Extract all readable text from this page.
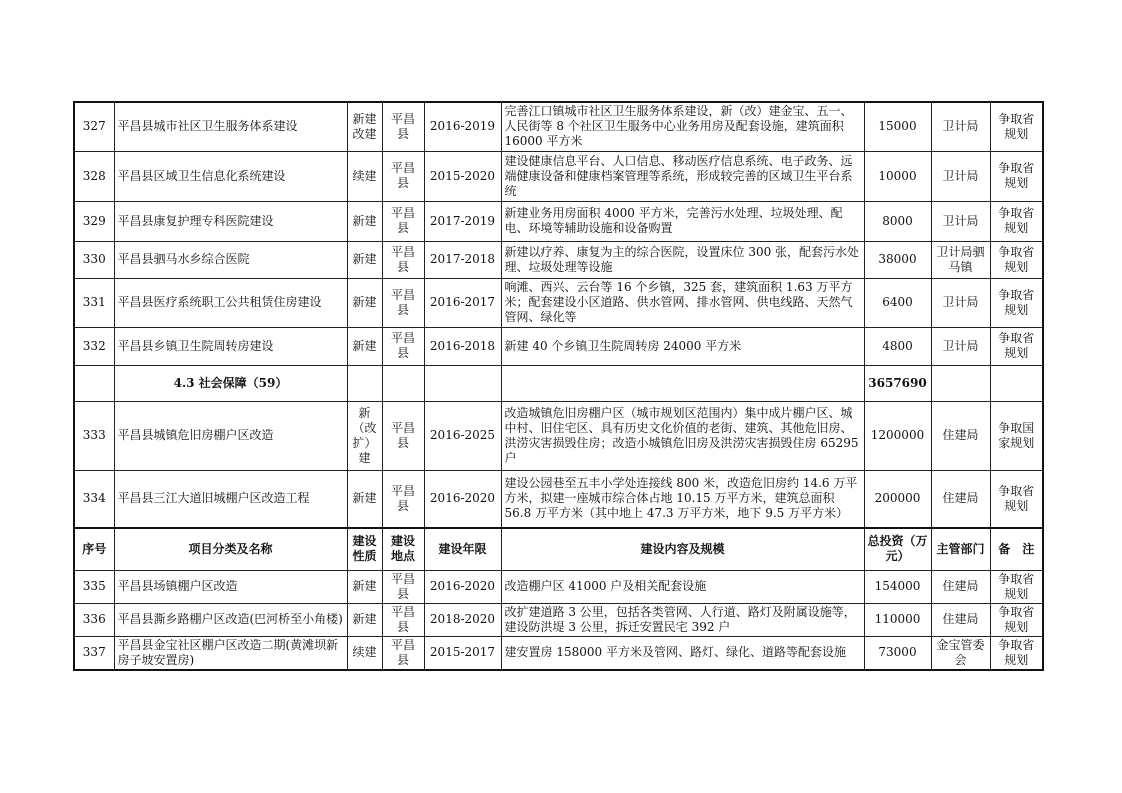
327	平昌县城市社区卫生服务体系建设	新建改建	平昌县	2016-2019	完善江口镇城市社区卫生服务体系建设，新（改）建金宝、五一、人民街等 8 个社区卫生服务中心业务用房及配套设施，建筑面积 16000 平方米	15000	卫计局	争取省规划
328	平昌县区域卫生信息化系统建设	续建	平昌县	2015-2020	建设健康信息平台、人口信息、移动医疗信息系统、电子政务、远端健康设备和健康档案管理等系统，形成较完善的区域卫生平台系统	10000	卫计局	争取省规划
329	平昌县康复护理专科医院建设	新建	平昌县	2017-2019	新建业务用房面积 4000 平方米，完善污水处理、垃圾处理、配电、环境等辅助设施和设备购置	8000	卫计局	争取省规划
330	平昌县驷马水乡综合医院	新建	平昌县	2017-2018	新建以疗养、康复为主的综合医院，设置床位 300 张，配套污水处理、垃圾处理等设施	38000	卫计局驷马镇	争取省规划
331	平昌县医疗系统职工公共租赁住房建设	新建	平昌县	2016-2017	响滩、西兴、云台等 16 个乡镇，325 套，建筑面积 1.63 万平方米；配套建设小区道路、供水管网、排水管网、供电线路、天然气管网、绿化等	6400	卫计局	争取省规划
332	平昌县乡镇卫生院周转房建设	新建	平昌县	2016-2018	新建 40 个乡镇卫生院周转房 24000 平方米	4800	卫计局	争取省规划
	4.3 社会保障（59）					3657690		
333	平昌县城镇危旧房棚户区改造	新（改扩）建	平昌县	2016-2025	改造城镇危旧房棚户区（城市规划区范围内）集中成片棚户区、城中村、旧住宅区、具有历史文化价值的老街、建筑、其他危旧房、洪涝灾害损毁住房；改造小城镇危旧房及洪涝灾害损毁住房 65295 户	1200000	住建局	争取国家规划
334	平昌县三江大道旧城棚户区改造工程	新建	平昌县	2016-2020	建设公园巷至五丰小学处连接线 800 米，改造危旧房约 14.6 万平方米，拟建一座城市综合体占地 10.15 万平方米，建筑总面积 56.8 万平方米（其中地上 47.3 万平方米，地下 9.5 万平方米）	200000	住建局	争取省规划
序号	项目分类及名称	建设性质	建设地点	建设年限	建设内容及规模	总投资（万元）	主管部门	备　注
335	平昌县场镇棚户区改造	新建	平昌县	2016-2020	改造棚户区 41000 户及相关配套设施	154000	住建局	争取省规划
336	平昌县澌乡路棚户区改造(巴河桥至小角楼)	新建	平昌县	2018-2020	改扩建道路 3 公里，包括各类管网、人行道、路灯及附属设施等，建设防洪堤 3 公里，拆迁安置民宅 392 户	110000	住建局	争取省规划
337	平昌县金宝社区棚户区改造二期(黄滩坝新房子坡安置房)	续建	平昌县	2015-2017	建安置房 158000 平方米及管网、路灯、绿化、道路等配套设施	73000	金宝管委会	争取省规划
